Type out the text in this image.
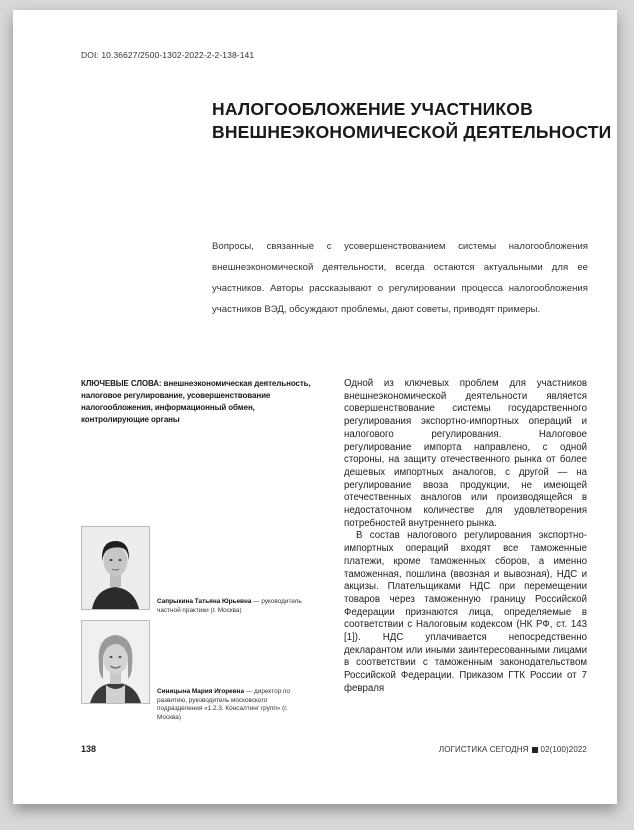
DOI: 10.36627/2500-1302-2022-2-2-138-141
НАЛОГООБЛОЖЕНИЕ УЧАСТНИКОВ
ВНЕШНЕЭКОНОМИЧЕСКОЙ ДЕЯТЕЛЬНОСТИ
Вопросы, связанные с усовершенствованием системы налогообложения внешнеэкономической деятельности, всегда остаются актуальными для ее участников. Авторы рассказывают о регулировании процесса налогообложения участников ВЭД, обсуждают проблемы, дают советы, приводят примеры.
КЛЮЧЕВЫЕ СЛОВА: внешнеэкономическая деятельность, налоговое регулирование, усовершенствование налогообложения, информационный обмен, контролирующие органы

Одной из ключевых проблем для участников внешнеэкономической деятельности является совершенствование системы государственного регулирования экспортно-импортных операций и налогового регулирования. Налоговое регулирование импорта направлено, с одной стороны, на защиту отечественного рынка от более дешевых импортных аналогов, с другой — на регулирование ввоза продукции, не имеющей отечественных аналогов или производящейся в недостаточном количестве для удовлетворения потребностей внутреннего рынка.

В состав налогового регулирования экспортно-импортных операций входят все таможенные платежи, кроме таможенных сборов, а именно таможенная, пошлина (ввозная и вывозная), НДС и акцизы. Плательщиками НДС при перемещении товаров через таможенную границу Российской Федерации признаются лица, определяемые в соответствии с Налоговым кодексом (НК РФ, ст. 143 [1]). НДС уплачивается непосредственно декларантом или иными заинтересованными лицами в соответствии с таможенным законодательством Российской Федерации. Приказом ГТК России от 7 февраля

Сапрыкина Татьяна Юрьевна — руководитель частной практики (г. Москва)
Синицына Мария Игоревна — директор по развитию, руководитель московского подразделения «1.2.3. Консалтинг групп» (г. Москва)
138	ЛОГИСТИКА СЕГОДНЯ 02(100)2022
